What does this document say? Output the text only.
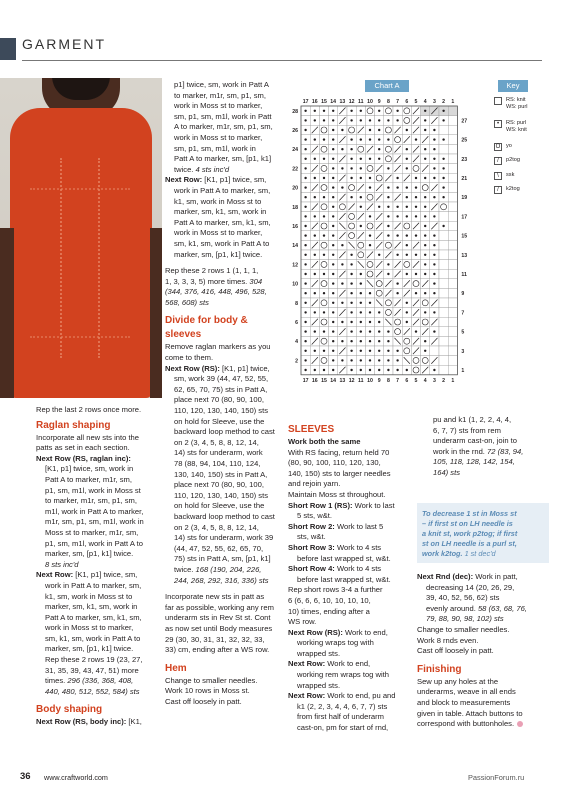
GARMENT
Rep the last 2 rows once more.
Raglan shaping
Incorporate all new sts into the
patts as set in each section.
Next Row (RS, raglan inc):
[K1, p1] twice, sm, work in
Patt A to marker, m1r, sm,
p1, sm, m1l, work in Moss st
to marker, m1r, sm, p1, sm,
m1l, work in Patt A to marker,
m1r, sm, p1, sm, m1l, work in
Moss st to marker, m1r, sm,
p1, sm, m1l, work in Patt A to
marker, sm, [p1, k1] twice.
8 sts inc'd
Next Row: [K1, p1] twice, sm,
work in Patt A to marker, sm,
k1, sm, work in Moss st to
marker, sm, k1, sm, work in
Patt A to marker, sm, k1, sm,
work in Moss st to marker,
sm, k1, sm, work in Patt A to
marker, sm, [p1, k1] twice.
Rep these 2 rows 19 (23, 27,
31, 35, 39, 43, 47, 51) more
times. 296 (336, 368, 408,
440, 480, 512, 552, 584) sts
Body shaping
Next Row (RS, body inc): [K1,
p1] twice, sm, work in Patt A
to marker, m1r, sm, p1, sm,
work in Moss st to marker,
sm, p1, sm, m1l, work in Patt
A to marker, m1r, sm, p1, sm,
work in Moss st to marker,
sm, p1, sm, m1l, work in
Patt A to marker, sm, [p1, k1]
twice. 4 sts inc'd
Next Row: [K1, p1] twice, sm,
work in Patt A to marker, sm,
k1, sm, work in Moss st to
marker, sm, k1, sm, work in
Patt A to marker, sm, k1, sm,
work in Moss st to marker,
sm, k1, sm, work in Patt A to
marker, sm, [p1, k1] twice.
Rep these 2 rows 1 (1, 1, 1,
1, 3, 3, 3, 5) more times. 304
(344, 376, 416, 448, 496, 528,
568, 608) sts
Divide for body & sleeves
Remove raglan markers as you
come to them.
Next Row (RS): [K1, p1] twice,
sm, work 39 (44, 47, 52, 55,
62, 65, 70, 75) sts in Patt A,
place next 70 (80, 90, 100,
110, 120, 130, 140, 150) sts
on hold for Sleeve, use the
backward loop method to cast
on 2 (3, 4, 5, 8, 8, 12, 14,
14) sts for underarm, work
78 (88, 94, 104, 110, 124,
130, 140, 150) sts in Patt A,
place next 70 (80, 90, 100,
110, 120, 130, 140, 150) sts
on hold for Sleeve, use the
backward loop method to cast
on 2 (3, 4, 5, 8, 8, 12, 14,
14) sts for underarm, work 39
(44, 47, 52, 55, 62, 65, 70,
75) sts in Patt A, sm, [p1, k1]
twice. 168 (190, 204, 226,
244, 268, 292, 316, 336) sts
Incorporate new sts in patt as
far as possible, working any rem
underarm sts in Rev St st. Cont
as now set until Body measures
29 (30, 30, 31, 31, 32, 32, 33,
33) cm, ending after a WS row.
Hem
Change to smaller needles.
Work 10 rows in Moss st.
Cast off loosely in patt.
Chart A
17
17
16
16
15
15
14
14
13
13
12
12
11
11
10
10
9
9
8
8
7
7
6
6
5
5
4
4
3
3
2
2
1
1
1
2
3
4
5
6
7
8
9
10
11
12
13
14
15
16
17
18
19
20
21
22
23
24
25
26
27
28
Key
RS: knit
WS: purl
•	RS: purl
WS: knit
O yo
/	p2tog
\	ssk
/	k2tog
SLEEVES
Work both the same
With RS facing, return held 70
(80, 90, 100, 110, 120, 130,
140, 150) sts to larger needles
and rejoin yarn.
Maintain Moss st throughout.
Short Row 1 (RS): Work to last
5 sts, w&t.
Short Row 2: Work to last 5
sts, w&t.
Short Row 3: Work to 4 sts
before last wrapped st, w&t.
Short Row 4: Work to 4 sts
before last wrapped st, w&t.
Rep short rows 3-4 a further
6 (6, 6, 6, 10, 10, 10, 10,
10) times, ending after a
WS row.
Next Row (RS): Work to end,
working wraps tog with
wrapped sts.
Next Row: Work to end,
working rem wraps tog with
wrapped sts.
Next Row: Work to end, pu and
k1 (2, 2, 3, 4, 4, 6, 7, 7) sts
from first half of underarm
cast-on, pm for start of rnd,
pu and k1 (1, 2, 2, 4, 4,
6, 7, 7) sts from rem
underarm cast-on, join to
work in the rnd. 72 (83, 94,
105, 118, 128, 142, 154,
164) sts
To decrease 1 st in Moss st
– if first st on LH needle is
a knit st, work p2tog; if first
st on LH needle is a purl st,
work k2tog. 1 st dec'd
Next Rnd (dec): Work in patt,
decreasing 14 (20, 26, 29,
39, 40, 52, 56, 62) sts
evenly around. 58 (63, 68, 76,
79, 88, 90, 98, 102) sts
Change to smaller needles.
Work 8 rnds even.
Cast off loosely in patt.
Finishing
Sew up any holes at the
underarms, weave in all ends
and block to measurements
given in table. Attach buttons to
correspond with buttonholes.
36 www.craftworld.com	PassionForum.ru
